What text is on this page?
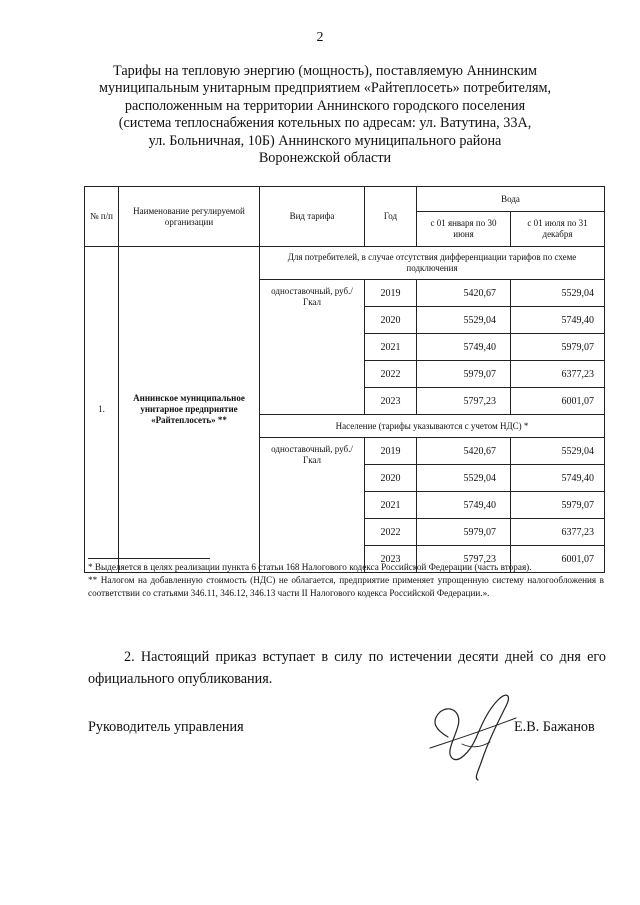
2
Тарифы на тепловую энергию (мощность), поставляемую Аннинским
муниципальным унитарным предприятием «Райтеплосеть» потребителям,
расположенным на территории Аннинского городского поселения
(система теплоснабжения котельных по адресам: ул. Ватутина, 33А,
ул. Больничная, 10Б) Аннинского муниципального района
Воронежской области
№ п/п	Наименование регулируемой организации	Вид тарифа	Год	Вода	
				с 01 января по 30 июня	с 01 июля по 31 декабря
1.	Аннинское муниципальное унитарное предприятие «Райтеплосеть» **	Для потребителей, в случае отсутствия дифференциации тарифов по схеме подключения			
		одноставочный, руб./Гкал	2019	5420,67	5529,04
			2020	5529,04	5749,40
			2021	5749,40	5979,07
			2022	5979,07	6377,23
			2023	5797,23	6001,07
		Население (тарифы указываются с учетом НДС) *			
		одноставочный, руб./Гкал	2019	5420,67	5529,04
			2020	5529,04	5749,40
			2021	5749,40	5979,07
			2022	5979,07	6377,23
			2023	5797,23	6001,07

* Выделяется в целях реализации пункта 6 статьи 168 Налогового кодекса Российской Федерации (часть вторая).

** Налогом на добавленную стоимость (НДС) не облагается, предприятие применяет упрощенную систему налогообложения в соответствии со статьями 346.11, 346.12, 346.13 части II Налогового кодекса Российской Федерации.».

2. Настоящий приказ вступает в силу по истечении десяти дней со дня его официального опубликования.
Руководитель управления	Е.В. Бажанов
